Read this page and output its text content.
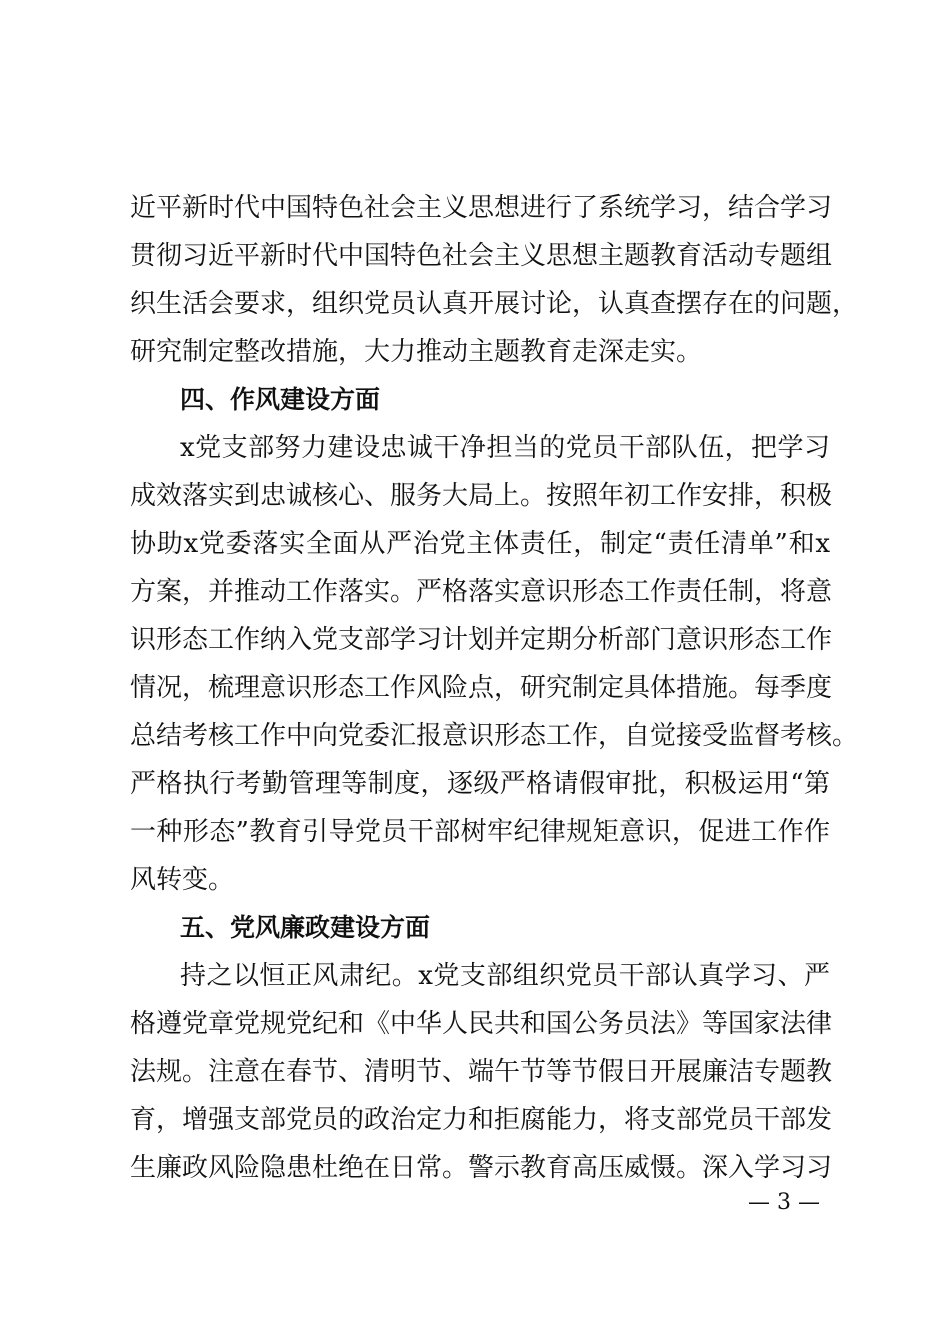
近平新时代中国特色社会主义思想进行了系统学习，结合学习
贯彻习近平新时代中国特色社会主义思想主题教育活动专题组
织生活会要求，组织党员认真开展讨论，认真查摆存在的问题，
研究制定整改措施，大力推动主题教育走深走实。
四、作风建设方面
x党支部努力建设忠诚干净担当的党员干部队伍，把学习
成效落实到忠诚核心、服务大局上。按照年初工作安排，积极
协助x党委落实全面从严治党主体责任，制定“责任清单”和x
方案，并推动工作落实。严格落实意识形态工作责任制，将意
识形态工作纳入党支部学习计划并定期分析部门意识形态工作
情况，梳理意识形态工作风险点，研究制定具体措施。每季度
总结考核工作中向党委汇报意识形态工作，自觉接受监督考核。
严格执行考勤管理等制度，逐级严格请假审批，积极运用“第
一种形态”教育引导党员干部树牢纪律规矩意识，促进工作作
风转变。
五、党风廉政建设方面
持之以恒正风肃纪。x党支部组织党员干部认真学习、严
格遵党章党规党纪和《中华人民共和国公务员法》等国家法律
法规。注意在春节、清明节、端午节等节假日开展廉洁专题教
育，增强支部党员的政治定力和拒腐能力，将支部党员干部发
生廉政风险隐患杜绝在日常。警示教育高压威慑。深入学习习
— 3 —
